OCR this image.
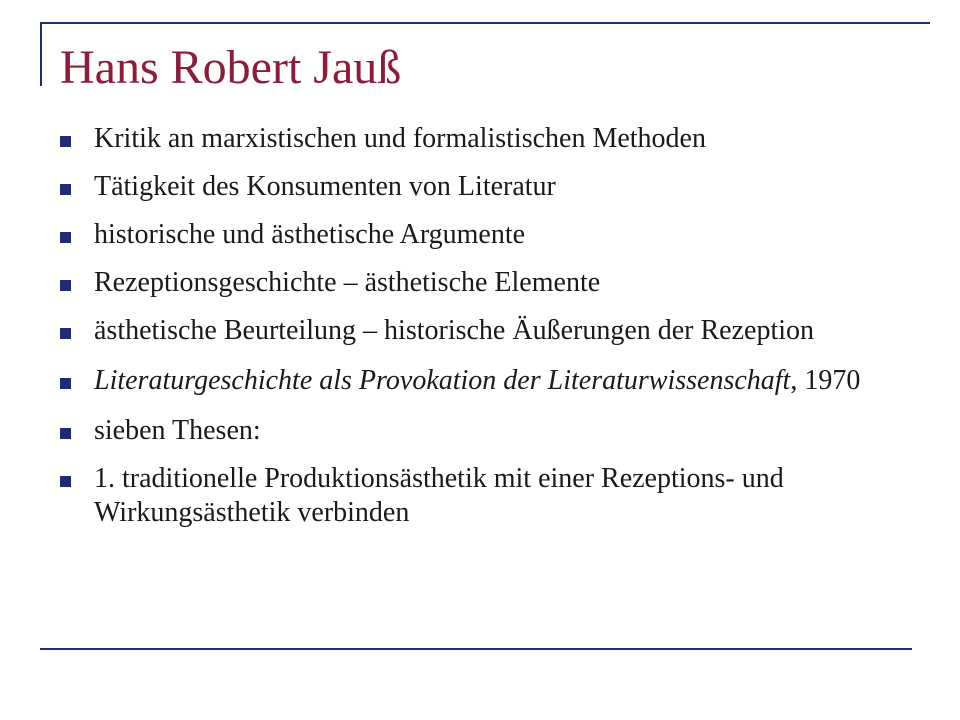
Hans Robert Jauß
Kritik an marxistischen und formalistischen Methoden
Tätigkeit des Konsumenten von Literatur
historische und ästhetische Argumente
Rezeptionsgeschichte – ästhetische Elemente
ästhetische Beurteilung – historische Äußerungen der Rezeption
Literaturgeschichte als Provokation der Literaturwissenschaft, 1970
sieben Thesen:
1. traditionelle Produktionsästhetik mit einer Rezeptions- und Wirkungsästhetik verbinden
